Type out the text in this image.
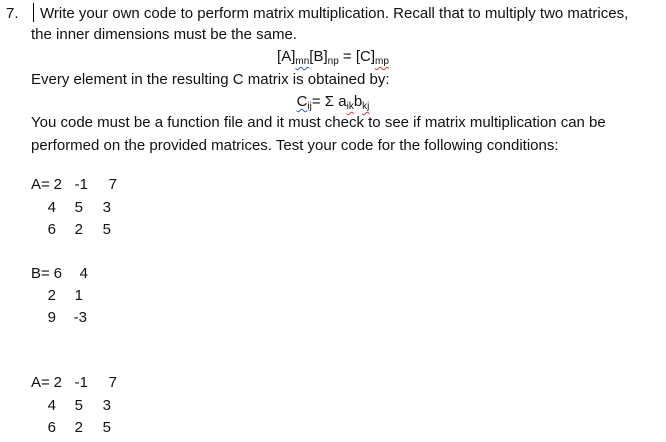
7. Write your own code to perform matrix multiplication. Recall that to multiply two matrices,
the inner dimensions must be the same.
$[A]_{mn}[B]_{np} = [C]_{mp}$
Every element in the resulting C matrix is obtained by:
$C_{ij}= \Sigma$ $a_{ik}b_{kj}$
You code must be a function file and it must check to see if matrix multiplication can be
performed on the provided matrices. Test your code for the following conditions:
A= 2 -1	7
4	5	3
6	2	5
B= 6	4
2	1
9	-3
A= 2 -1	7
4	5	3
6	2	5
